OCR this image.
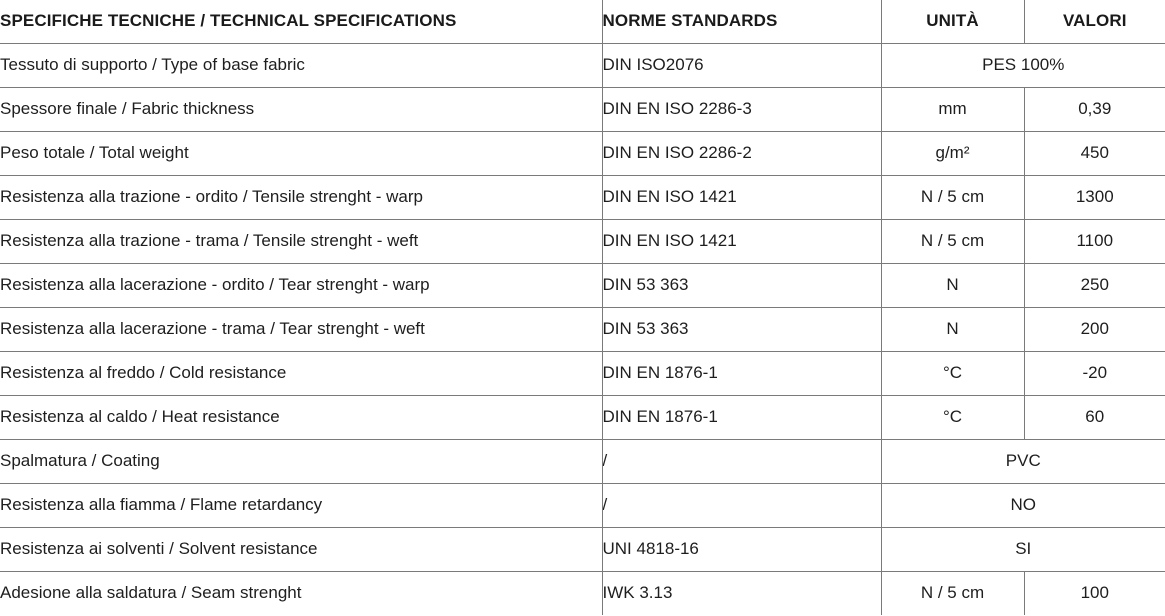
SPECIFICHE TECNICHE / TECHNICAL SPECIFICATIONS	NORME STANDARDS	UNITÀ	VALORI
Tessuto di supporto / Type of base fabric	DIN ISO2076	PES 100%	
Spessore finale / Fabric thickness	DIN EN ISO 2286-3	mm	0,39
Peso totale / Total weight	DIN EN ISO 2286-2	g/m²	450
Resistenza alla trazione - ordito / Tensile strenght - warp	DIN EN ISO 1421	N / 5 cm	1300
Resistenza alla trazione - trama / Tensile strenght - weft	DIN EN ISO 1421	N / 5 cm	1100
Resistenza alla lacerazione - ordito / Tear strenght - warp	DIN 53 363	N	250
Resistenza alla lacerazione - trama / Tear strenght - weft	DIN 53 363	N	200
Resistenza al freddo / Cold resistance	DIN EN 1876-1	°C	-20
Resistenza al caldo / Heat resistance	DIN EN 1876-1	°C	60
Spalmatura / Coating	/	PVC	
Resistenza alla fiamma / Flame retardancy	/	NO	
Resistenza ai solventi / Solvent resistance	UNI 4818-16	SI	
Adesione alla saldatura / Seam strenght	IWK 3.13	N / 5 cm	100
